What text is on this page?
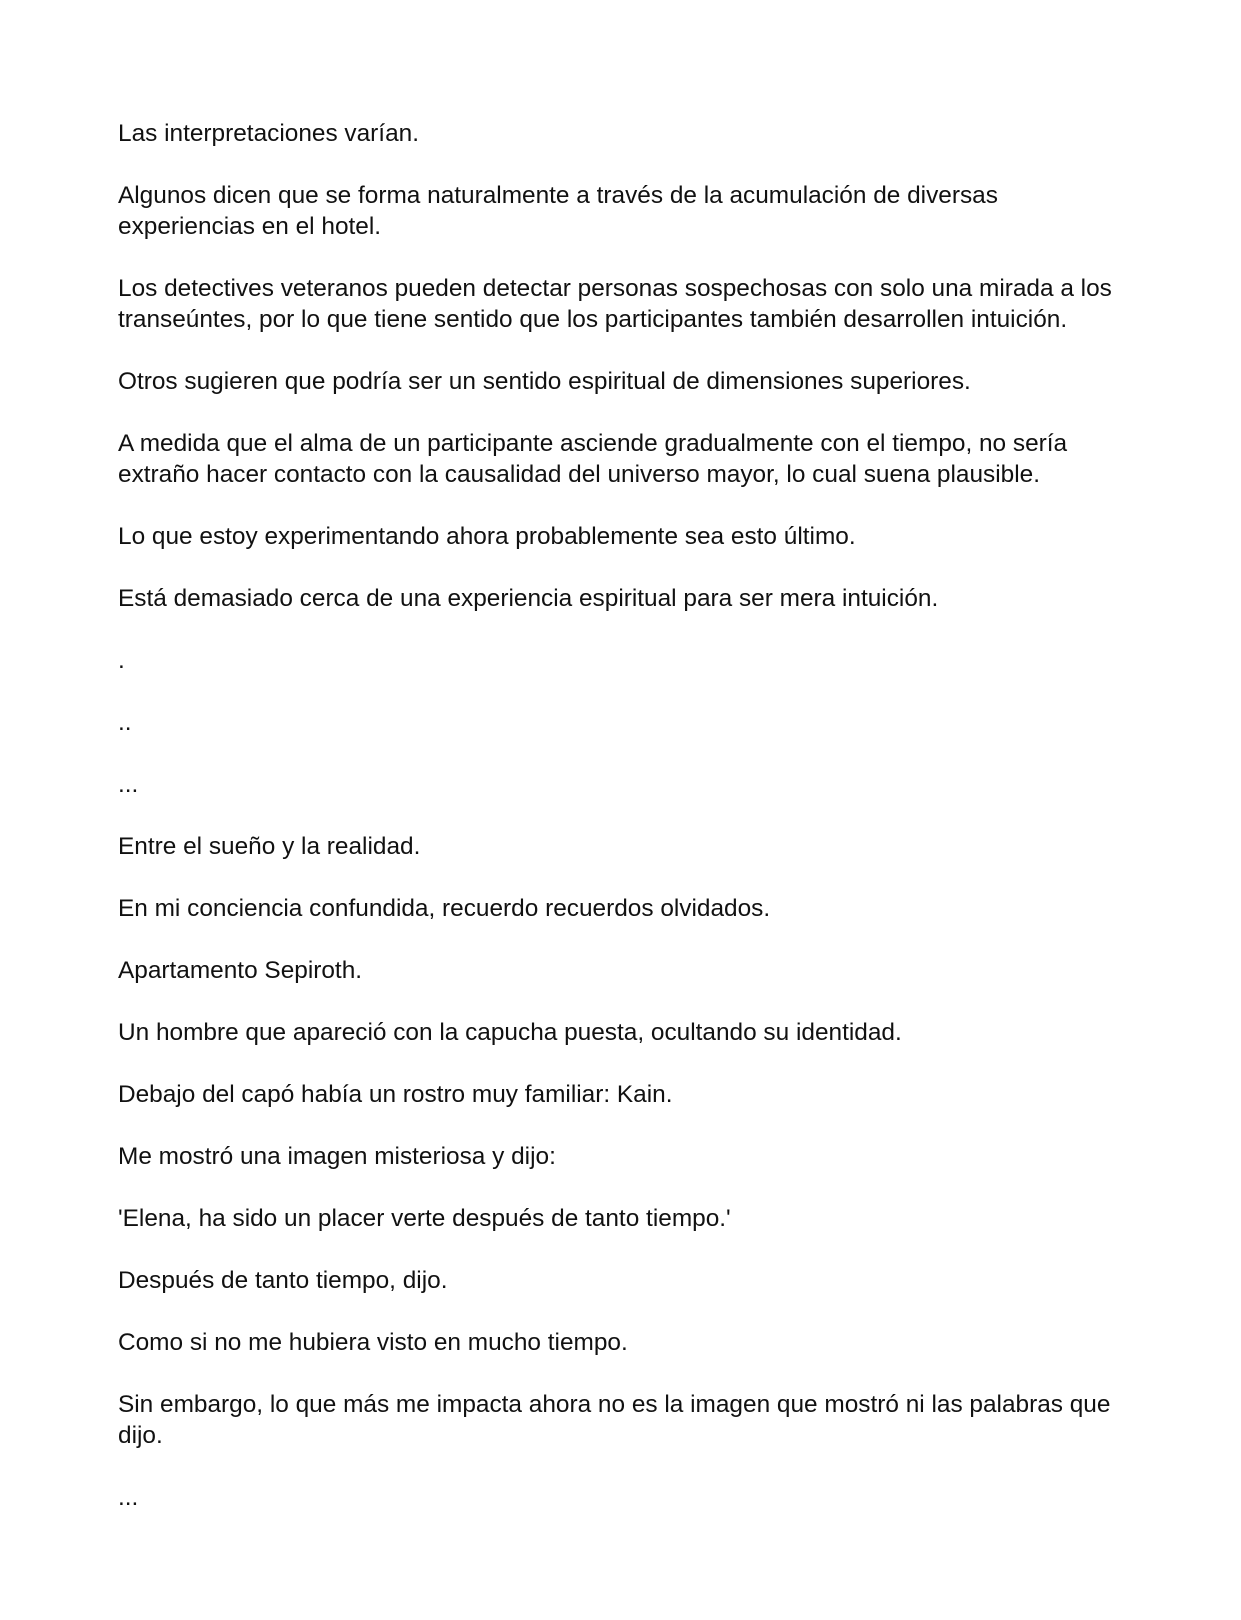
Las interpretaciones varían.

Algunos dicen que se forma naturalmente a través de la acumulación de diversas experiencias en el hotel.

Los detectives veteranos pueden detectar personas sospechosas con solo una mirada a los transeúntes, por lo que tiene sentido que los participantes también desarrollen intuición.

Otros sugieren que podría ser un sentido espiritual de dimensiones superiores.

A medida que el alma de un participante asciende gradualmente con el tiempo, no sería extraño hacer contacto con la causalidad del universo mayor, lo cual suena plausible.

Lo que estoy experimentando ahora probablemente sea esto último.

Está demasiado cerca de una experiencia espiritual para ser mera intuición.

.

..

...

Entre el sueño y la realidad.

En mi conciencia confundida, recuerdo recuerdos olvidados.

Apartamento Sepiroth.

Un hombre que apareció con la capucha puesta, ocultando su identidad.

Debajo del capó había un rostro muy familiar: Kain.

Me mostró una imagen misteriosa y dijo:

'Elena, ha sido un placer verte después de tanto tiempo.'

Después de tanto tiempo, dijo.

Como si no me hubiera visto en mucho tiempo.

Sin embargo, lo que más me impacta ahora no es la imagen que mostró ni las palabras que dijo.

...
